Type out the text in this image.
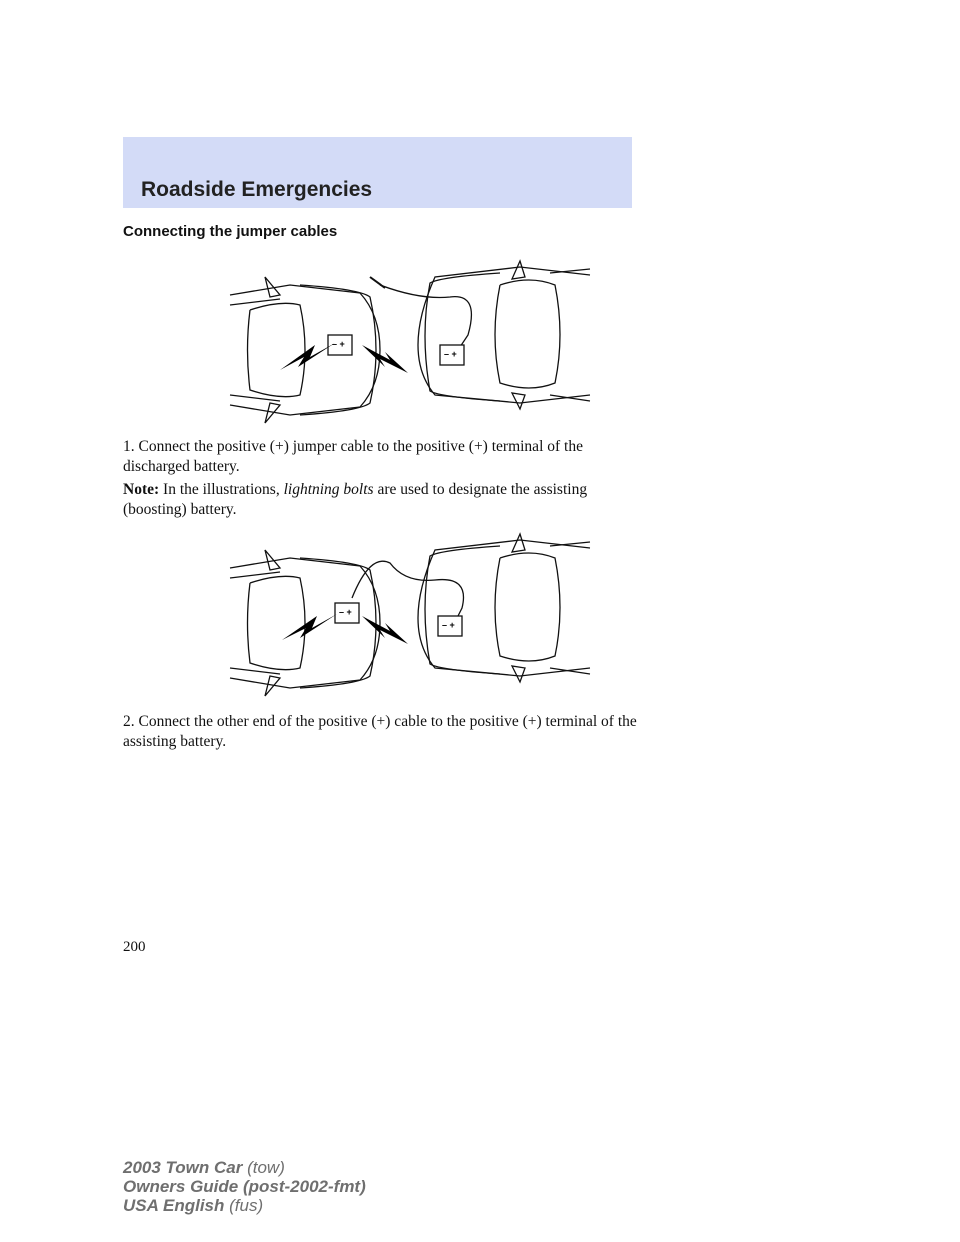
Roadside Emergencies
Connecting the jumper cables
– +
– +

1. Connect the positive (+) jumper cable to the positive (+) terminal of the discharged battery.

Note: In the illustrations, lightning bolts are used to designate the assisting (boosting) battery.

– +
– +

2. Connect the other end of the positive (+) cable to the positive (+) terminal of the assisting battery.

200

2003 Town Car (tow)
Owners Guide (post-2002-fmt)
USA English (fus)
